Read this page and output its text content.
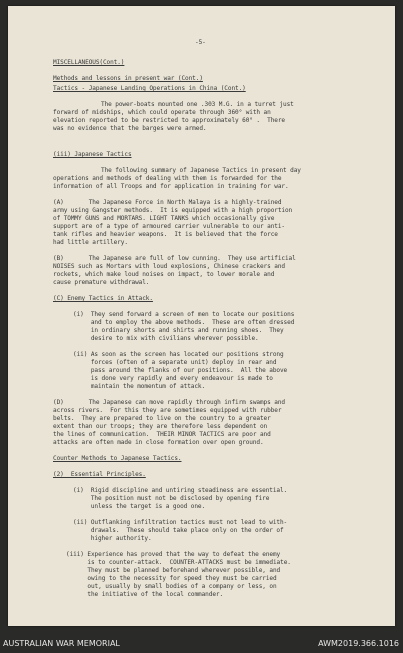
-5-

MISCELLANEOUS(Cont.)

Methods and lessons in present war (Cont.)

Tactics - Japanese Landing Operations in China (Cont.)

The power-boats mounted one .303 M.G. in a turret just

forward of midships, which could operate through 360° with an

elevation reported to be restricted to approximately 60° .  There

was no evidence that the barges were armed.

(iii) Japanese Tactics

The following summary of Japanese Tactics in present day

operations and methods of dealing with them is forwarded for the

information of all Troops and for application in training for war.

(A)       The Japanese Force in North Malaya is a highly-trained

army using Gangster methods.  It is equipped with a high proportion

of TOMMY GUNS and MORTARS. LIGHT TANKS which occasionally give

support are of a type of armoured carrier vulnerable to our anti-

tank rifles and heavier weapons.  It is believed that the force

had little artillery.

(B)       The Japanese are full of low cunning.  They use artificial

NOISES such as Mortars with loud explosions, Chinese crackers and

rockets, which make loud noises on impact, to lower morale and

cause premature withdrawal.

(C) Enemy Tactics in Attack.

(i)  They send forward a screen of men to locate our positions

and to employ the above methods.  These are often dressed

in ordinary shorts and shirts and running shoes.  They

desire to mix with civilians wherever possible.

(ii) As soon as the screen has located our positions strong

forces (often of a separate unit) deploy in rear and

pass around the flanks of our positions.  All the above

is done very rapidly and every endeavour is made to

maintain the momentum of attack.

(D)       The Japanese can move rapidly through infirm swamps and

across rivers.  For this they are sometimes equipped with rubber

belts.  They are prepared to live on the country to a greater

extent than our troops; they are therefore less dependent on

the lines of communication.  THEIR MINOR TACTICS are poor and

attacks are often made in close formation over open ground.

Counter Methods to Japanese Tactics.

(2)  Essential Principles.

(i)  Rigid discipline and untiring steadiness are essential.

The position must not be disclosed by opening fire

unless the target is a good one.

(ii) Outflanking infiltration tactics must not lead to with-

drawals.  These should take place only on the order of

higher authority.

(iii) Experience has proved that the way to defeat the enemy

is to counter-attack.  COUNTER-ATTACKS must be immediate.

They must be planned beforehand wherever possible, and

owing to the necessity for speed they must be carried

out, usually by small bodies of a company or less, on

the initiative of the local commander.

AUSTRALIAN WAR MEMORIAL	AWM2019.366.1016
